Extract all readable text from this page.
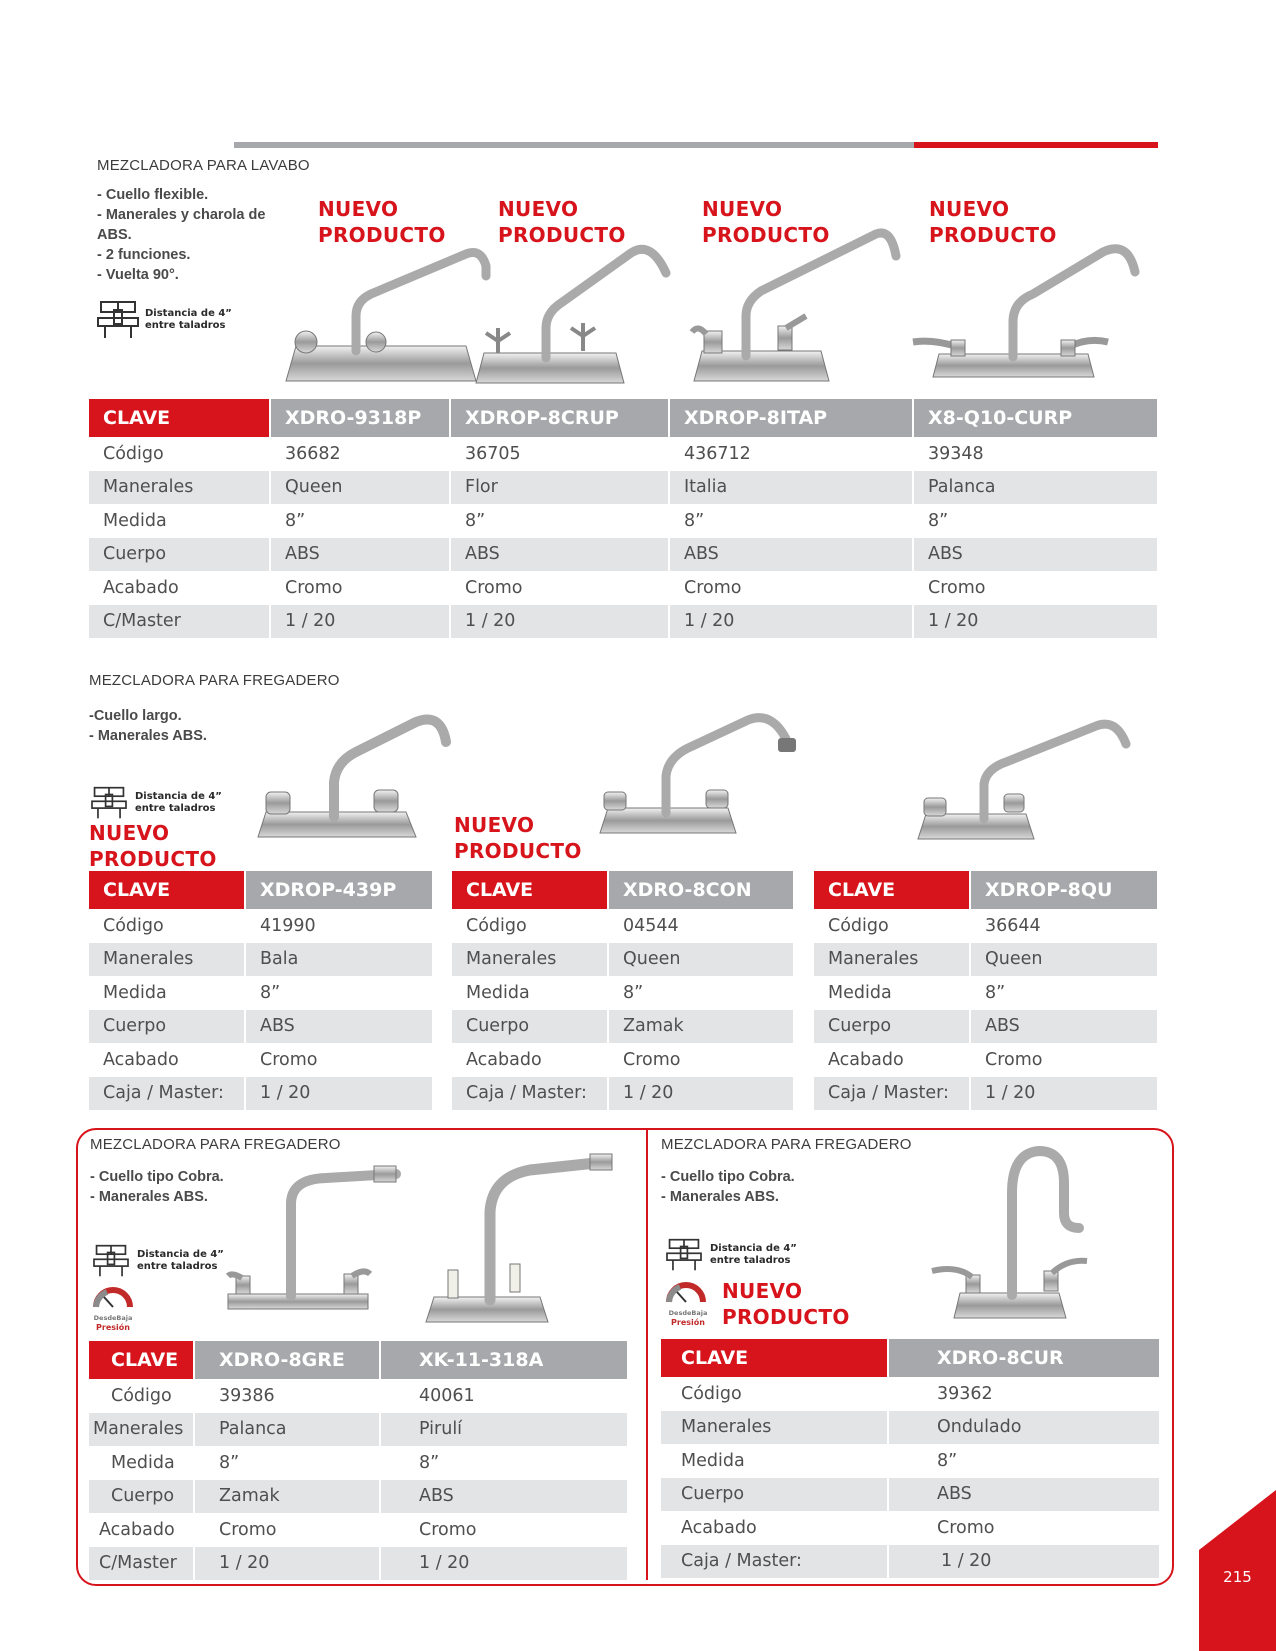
MEZCLADORA PARA LAVABO
- Cuello flexible.
- Manerales y charola de
ABS.
- 2 funciones.
- Vuelta 90°.
Distancia de 4”
entre taladros
NUEVO
PRODUCTO
NUEVO
PRODUCTO
NUEVO
PRODUCTO
NUEVO
PRODUCTO
CLAVE	XDRO-9318P	XDROP-8CRUP	XDROP-8ITAP	X8-Q10-CURP
Código	36682	36705	436712	39348
Manerales	Queen	Flor	Italia	Palanca
Medida	8”	8”	8”	8”
Cuerpo	ABS	ABS	ABS	ABS
Acabado	Cromo	Cromo	Cromo	Cromo
C/Master	1 / 20	1 / 20	1 / 20	1 / 20
MEZCLADORA PARA FREGADERO
-Cuello largo.
- Manerales ABS.
Distancia de 4”
entre taladros
NUEVO
PRODUCTO
NUEVO
PRODUCTO
CLAVE	XDROP-439P
Código	41990
Manerales	Bala
Medida	8”
Cuerpo	ABS
Acabado	Cromo
Caja / Master:	1 / 20
CLAVE	XDRO-8CON
Código	04544
Manerales	Queen
Medida	8”
Cuerpo	Zamak
Acabado	Cromo
Caja / Master:	1 / 20
CLAVE	XDROP-8QU
Código	36644
Manerales	Queen
Medida	8”
Cuerpo	ABS
Acabado	Cromo
Caja / Master:	1 / 20
MEZCLADORA PARA FREGADERO
- Cuello tipo Cobra.
- Manerales ABS.
Distancia de 4”
entre taladros
DesdeBaja
Presión
CLAVE	XDRO-8GRE	XK-11-318A
Código	39386	40061
Manerales	Palanca	Pirulí
Medida	8”	8”
Cuerpo	Zamak	ABS
Acabado	Cromo	Cromo
C/Master	1 / 20	1 / 20
MEZCLADORA PARA FREGADERO
- Cuello tipo Cobra.
- Manerales ABS.
Distancia de 4”
entre taladros
DesdeBaja
Presión
NUEVO
PRODUCTO
CLAVE	XDRO-8CUR
Código	39362
Manerales	Ondulado
Medida	8”
Cuerpo	ABS
Acabado	Cromo
Caja / Master:	1 / 20
215
